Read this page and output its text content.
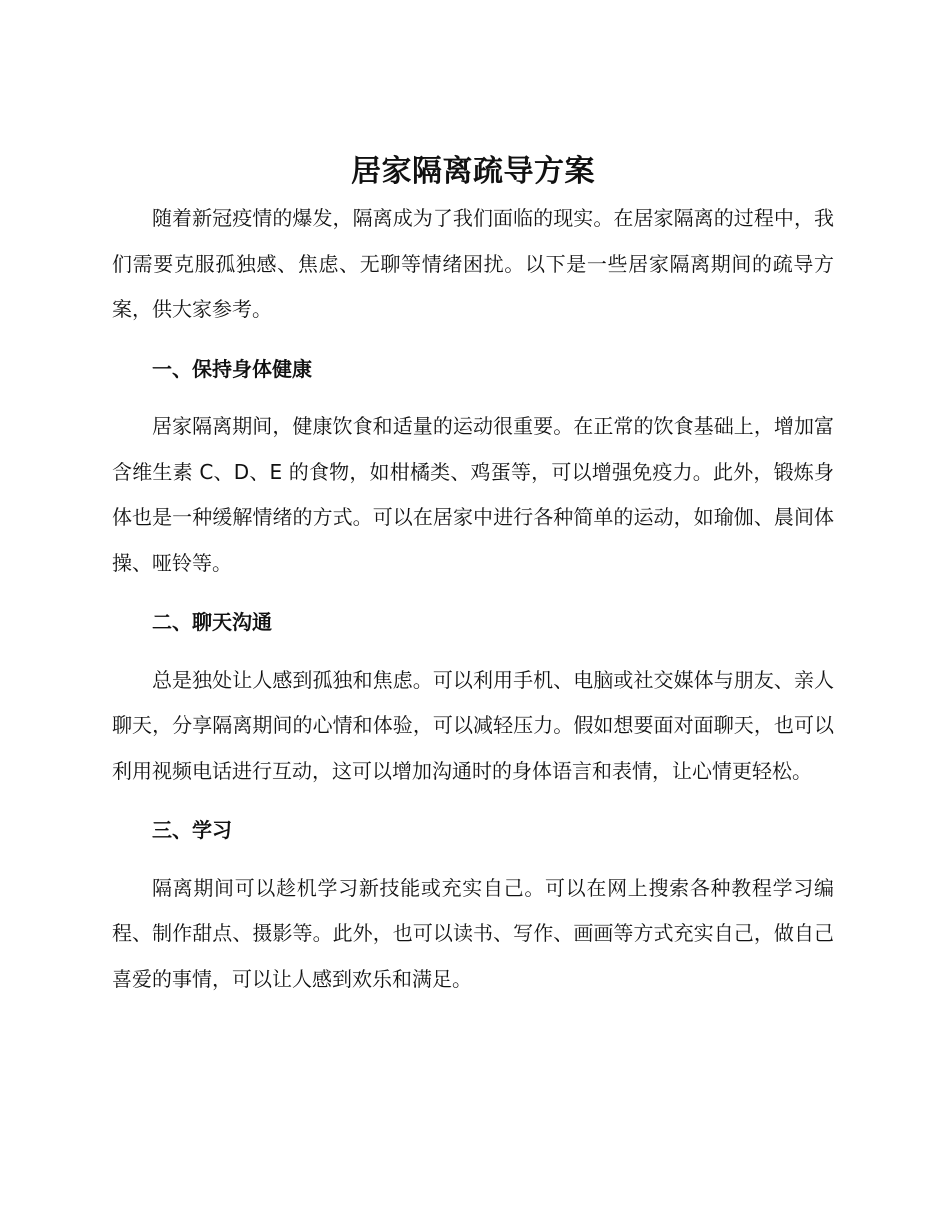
居家隔离疏导方案

随着新冠疫情的爆发，隔离成为了我们面临的现实。在居家隔离的过程中，我们需要克服孤独感、焦虑、无聊等情绪困扰。以下是一些居家隔离期间的疏导方案，供大家参考。

一、保持身体健康

居家隔离期间，健康饮食和适量的运动很重要。在正常的饮食基础上，增加富含维生素 C、D、E 的食物，如柑橘类、鸡蛋等，可以增强免疫力。此外，锻炼身体也是一种缓解情绪的方式。可以在居家中进行各种简单的运动，如瑜伽、晨间体操、哑铃等。

二、聊天沟通

总是独处让人感到孤独和焦虑。可以利用手机、电脑或社交媒体与朋友、亲人聊天，分享隔离期间的心情和体验，可以减轻压力。假如想要面对面聊天，也可以利用视频电话进行互动，这可以增加沟通时的身体语言和表情，让心情更轻松。

三、学习

隔离期间可以趁机学习新技能或充实自己。可以在网上搜索各种教程学习编程、制作甜点、摄影等。此外，也可以读书、写作、画画等方式充实自己，做自己喜爱的事情，可以让人感到欢乐和满足。
